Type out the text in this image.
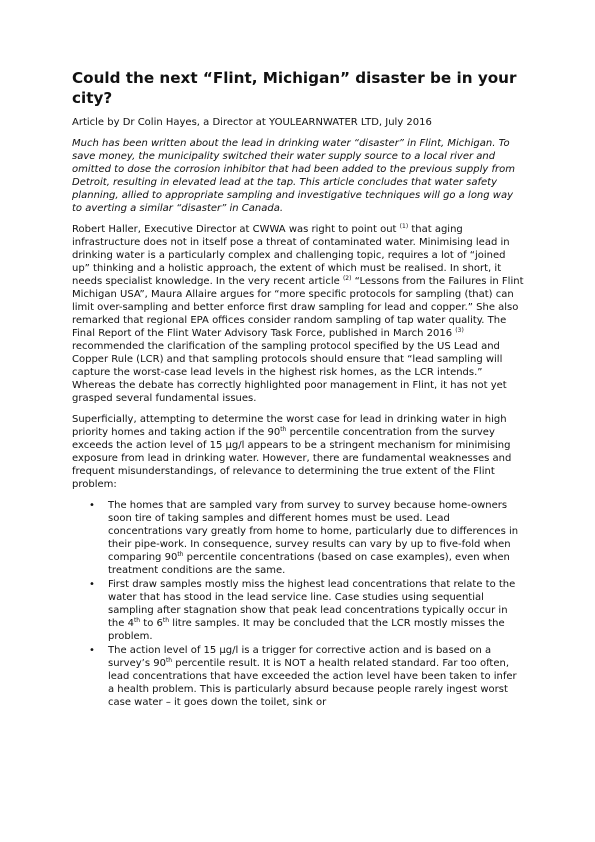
Could the next “Flint, Michigan” disaster be in your city?

Article by Dr Colin Hayes, a Director at YOULEARNWATER LTD, July 2016

Much has been written about the lead in drinking water “disaster” in Flint, Michigan. To save money, the municipality switched their water supply source to a local river and omitted to dose the corrosion inhibitor that had been added to the previous supply from Detroit, resulting in elevated lead at the tap. This article concludes that water safety planning, allied to appropriate sampling and investigative techniques will go a long way to averting a similar “disaster” in Canada.

Robert Haller, Executive Director at CWWA was right to point out $^{(1)}$ that aging infrastructure does not in itself pose a threat of contaminated water. Minimising lead in drinking water is a particularly complex and challenging topic, requires a lot of “joined up” thinking and a holistic approach, the extent of which must be realised. In short, it needs specialist knowledge. In the very recent article $^{(2)}$ “Lessons from the Failures in Flint Michigan USA”, Maura Allaire argues for “more specific protocols for sampling (that) can limit over-sampling and better enforce first draw sampling for lead and copper.” She also remarked that regional EPA offices consider random sampling of tap water quality. The Final Report of the Flint Water Advisory Task Force, published in March 2016 $^{(3)}$ recommended the clarification of the sampling protocol specified by the US Lead and Copper Rule (LCR) and that sampling protocols should ensure that “lead sampling will capture the worst-case lead levels in the highest risk homes, as the LCR intends.” Whereas the debate has correctly highlighted poor management in Flint, it has not yet grasped several fundamental issues.

Superficially, attempting to determine the worst case for lead in drinking water in high priority homes and taking action if the 90th percentile concentration from the survey exceeds the action level of 15 µg/l appears to be a stringent mechanism for minimising exposure from lead in drinking water. However, there are fundamental weaknesses and frequent misunderstandings, of relevance to determining the true extent of the Flint problem:

• The homes that are sampled vary from survey to survey because home-owners soon tire of taking samples and different homes must be used. Lead concentrations vary greatly from home to home, particularly due to differences in their pipe-work. In consequence, survey results can vary by up to five-fold when comparing 90th percentile concentrations (based on case examples), even when treatment conditions are the same.
• First draw samples mostly miss the highest lead concentrations that relate to the water that has stood in the lead service line. Case studies using sequential sampling after stagnation show that peak lead concentrations typically occur in the 4th to 6th litre samples. It may be concluded that the LCR mostly misses the problem.
• The action level of 15 µg/l is a trigger for corrective action and is based on a survey’s 90th percentile result. It is NOT a health related standard. Far too often, lead concentrations that have exceeded the action level have been taken to infer a health problem. This is particularly absurd because people rarely ingest worst case water – it goes down the toilet, sink or
